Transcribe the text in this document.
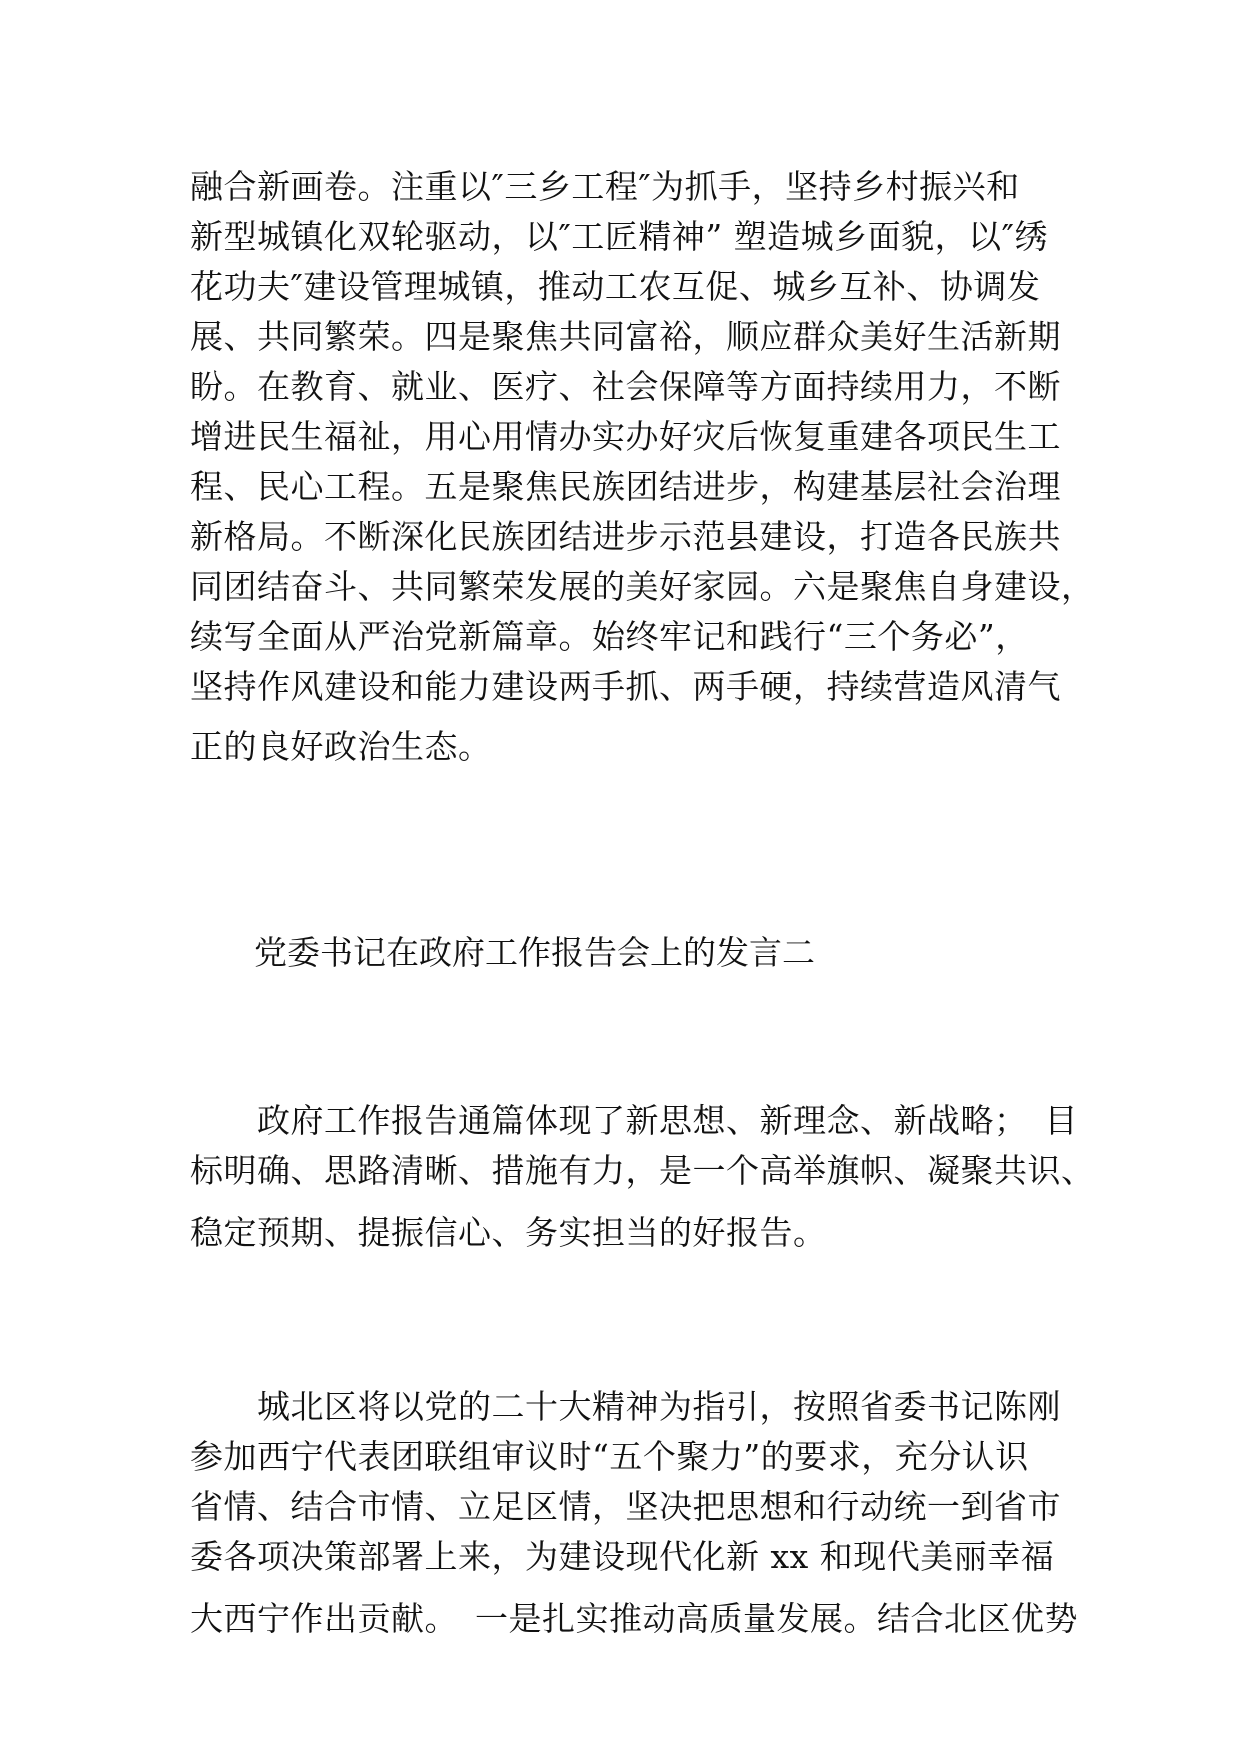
融合新画卷。注重以″三乡工程″为抓手，坚持乡村振兴和
新型城镇化双轮驱动，以″工匠精神” 塑造城乡面貌，以″绣
花功夫″建设管理城镇，推动工农互促、城乡互补、协调发
展、共同繁荣。四是聚焦共同富裕，顺应群众美好生活新期
盼。在教育、就业、医疗、社会保障等方面持续用力，不断
增进民生福祉，用心用情办实办好灾后恢复重建各项民生工
程、民心工程。五是聚焦民族团结进步，构建基层社会治理
新格局。不断深化民族团结进步示范县建设，打造各民族共
同团结奋斗、共同繁荣发展的美好家园。六是聚焦自身建设，
续写全面从严治党新篇章。始终牢记和践行“三个务必”，
坚持作风建设和能力建设两手抓、两手硬，持续营造风清气
正的良好政治生态。
党委书记在政府工作报告会上的发言二
　　政府工作报告通篇体现了新思想、新理念、新战略；　目
标明确、思路清晰、措施有力，是一个高举旗帜、凝聚共识、
稳定预期、提振信心、务实担当的好报告。
　　城北区将以党的二十大精神为指引，按照省委书记陈刚
参加西宁代表团联组审议时“五个聚力”的要求，充分认识
省情、结合市情、立足区情，坚决把思想和行动统一到省市
委各项决策部署上来，为建设现代化新 xx 和现代美丽幸福
大西宁作出贡献。　一是扎实推动高质量发展。结合北区优势
